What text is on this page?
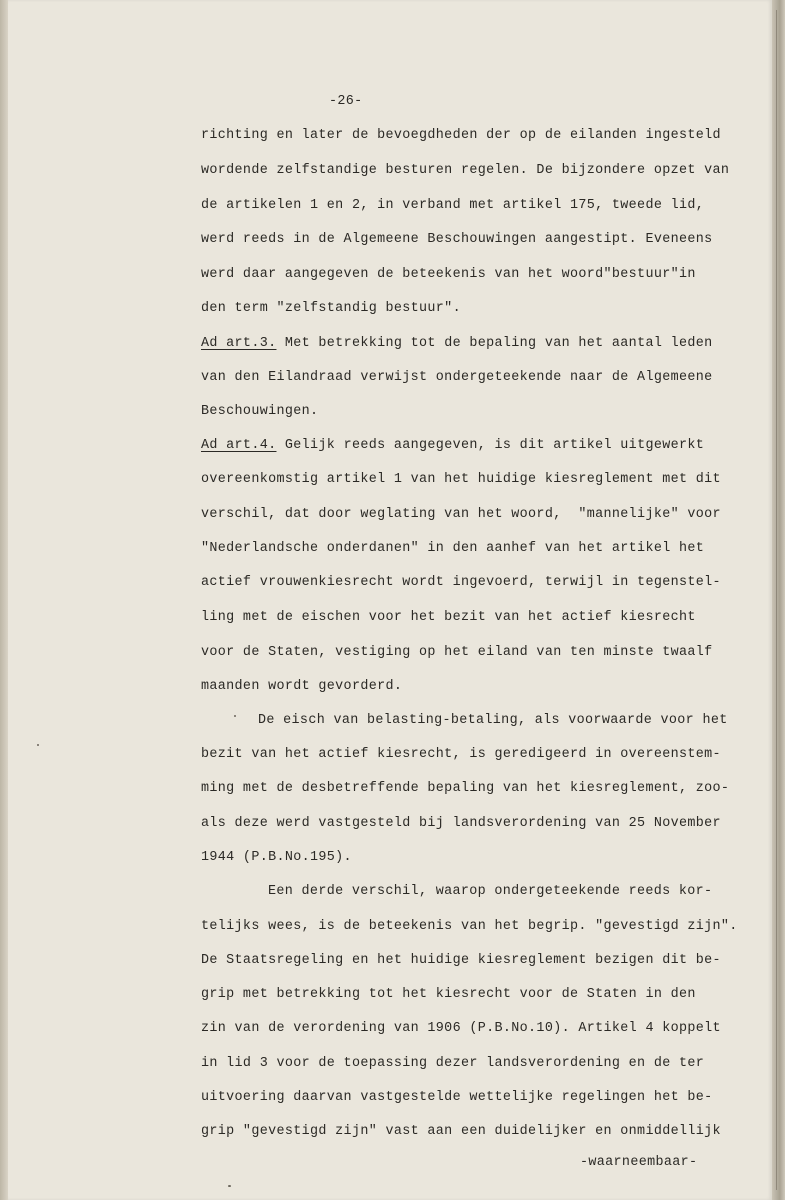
-26-
richting en later de bevoegdheden der op de eilanden ingesteld
wordende zelfstandige besturen regelen. De bijzondere opzet van
de artikelen 1 en 2, in verband met artikel 175, tweede lid,
werd reeds in de Algemeene Beschouwingen aangestipt. Eveneens
werd daar aangegeven de beteekenis van het woord"bestuur"in
den term "zelfstandig bestuur".
Ad art.3. Met betrekking tot de bepaling van het aantal leden
van den Eilandraad verwijst ondergeteekende naar de Algemeene
Beschouwingen.
Ad art.4. Gelijk reeds aangegeven, is dit artikel uitgewerkt
overeenkomstig artikel 1 van het huidige kiesreglement met dit
verschil, dat door weglating van het woord,  "mannelijke" voor
"Nederlandsche onderdanen" in den aanhef van het artikel het
actief vrouwenkiesrecht wordt ingevoerd, terwijl in tegenstel-
ling met de eischen voor het bezit van het actief kiesrecht
voor de Staten, vestiging op het eiland van ten minste twaalf
maanden wordt gevorderd.
De eisch van belasting-betaling, als voorwaarde voor het
bezit van het actief kiesrecht, is geredigeerd in overeenstem-
ming met de desbetreffende bepaling van het kiesreglement, zoo-
als deze werd vastgesteld bij landsverordening van 25 November
1944 (P.B.No.195).
Een derde verschil, waarop ondergeteekende reeds kor-
telijks wees, is de beteekenis van het begrip. "gevestigd zijn".
De Staatsregeling en het huidige kiesreglement bezigen dit be-
grip met betrekking tot het kiesrecht voor de Staten in den
zin van de verordening van 1906 (P.B.No.10). Artikel 4 koppelt
in lid 3 voor de toepassing dezer landsverordening en de ter
uitvoering daarvan vastgestelde wettelijke regelingen het be-
grip "gevestigd zijn" vast aan een duidelijker en onmiddellijk
-waarneembaar-
